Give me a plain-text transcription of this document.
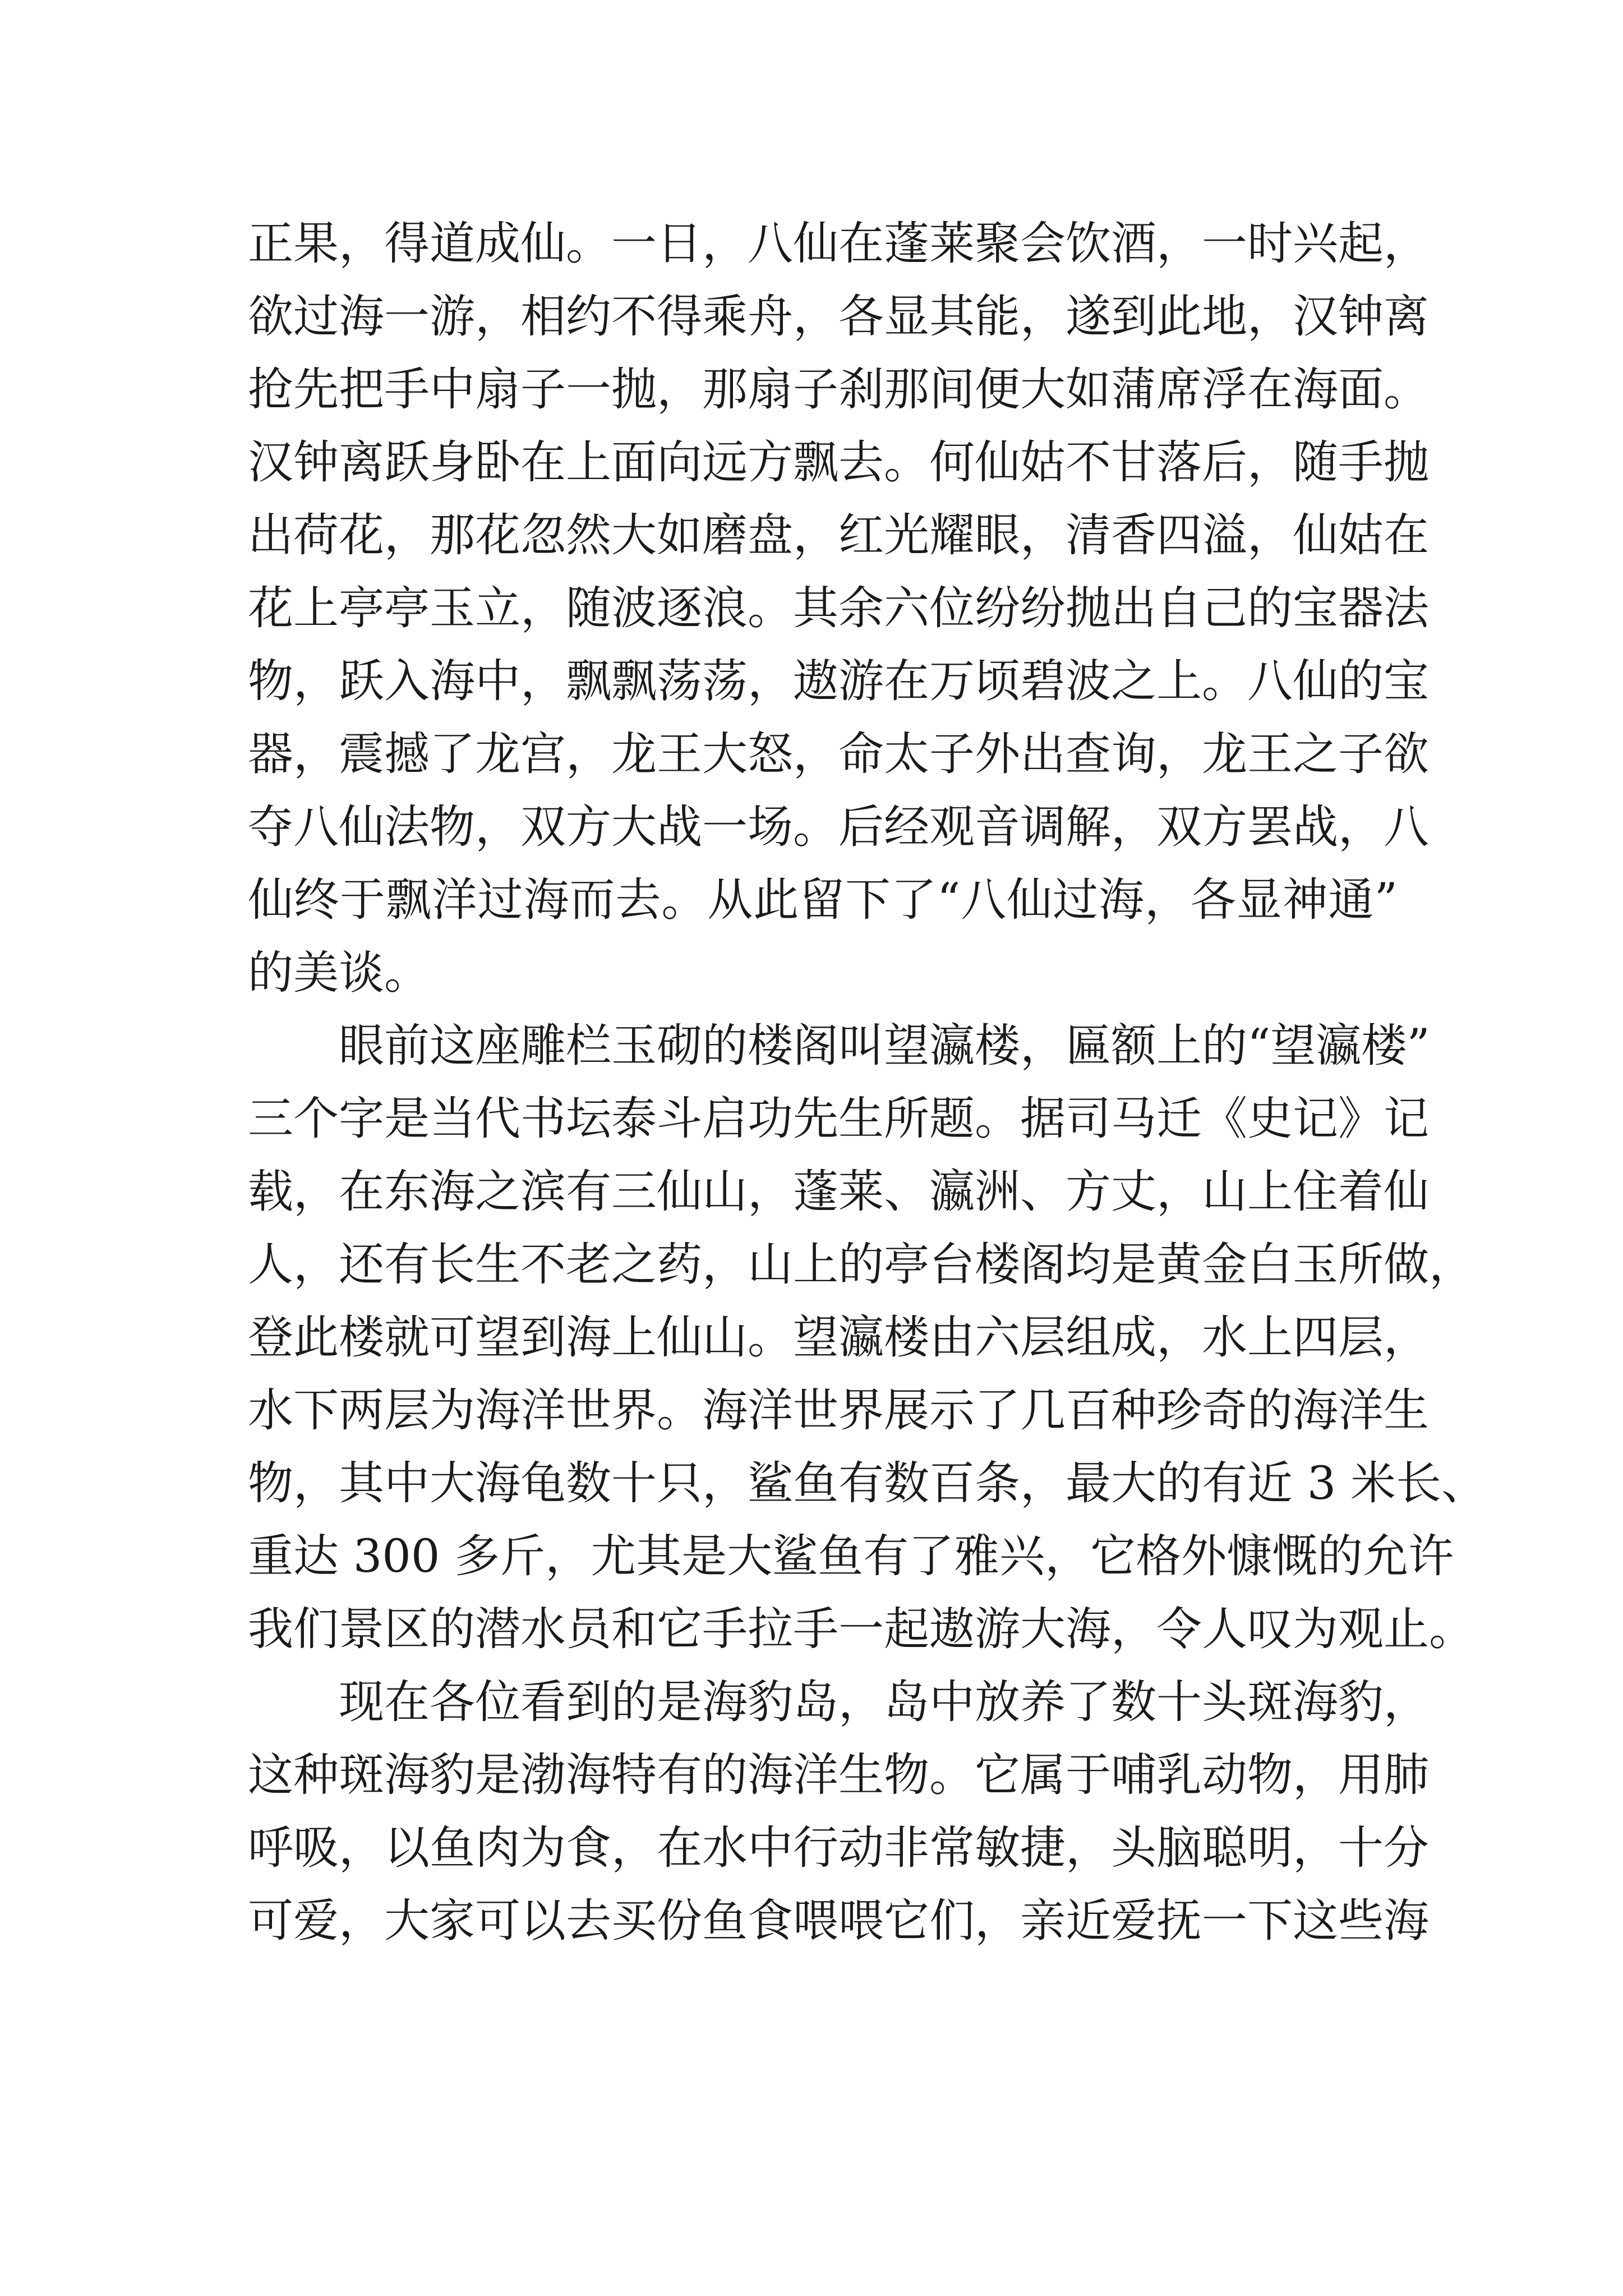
正果，得道成仙。一日，八仙在蓬莱聚会饮酒，一时兴起，
欲过海一游，相约不得乘舟，各显其能，遂到此地，汉钟离
抢先把手中扇子一抛，那扇子刹那间便大如蒲席浮在海面。
汉钟离跃身卧在上面向远方飘去。何仙姑不甘落后，随手抛
出荷花，那花忽然大如磨盘，红光耀眼，清香四溢，仙姑在
花上亭亭玉立，随波逐浪。其余六位纷纷抛出自己的宝器法
物，跃入海中，飘飘荡荡，遨游在万顷碧波之上。八仙的宝
器，震撼了龙宫，龙王大怒，命太子外出查询，龙王之子欲
夺八仙法物，双方大战一场。后经观音调解，双方罢战，八
仙终于飘洋过海而去。从此留下了“八仙过海，各显神通”
的美谈。
眼前这座雕栏玉砌的楼阁叫望瀛楼，匾额上的“望瀛楼”
三个字是当代书坛泰斗启功先生所题。据司马迁《史记》记
载，在东海之滨有三仙山，蓬莱、瀛洲、方丈，山上住着仙
人，还有长生不老之药，山上的亭台楼阁均是黄金白玉所做，
登此楼就可望到海上仙山。望瀛楼由六层组成，水上四层，
水下两层为海洋世界。海洋世界展示了几百种珍奇的海洋生
物，其中大海龟数十只，鲨鱼有数百条，最大的有近 3 米长、
重达 300 多斤，尤其是大鲨鱼有了雅兴，它格外慷慨的允许
我们景区的潜水员和它手拉手一起遨游大海，令人叹为观止。
现在各位看到的是海豹岛，岛中放养了数十头斑海豹，
这种斑海豹是渤海特有的海洋生物。它属于哺乳动物，用肺
呼吸，以鱼肉为食，在水中行动非常敏捷，头脑聪明，十分
可爱，大家可以去买份鱼食喂喂它们，亲近爱抚一下这些海
